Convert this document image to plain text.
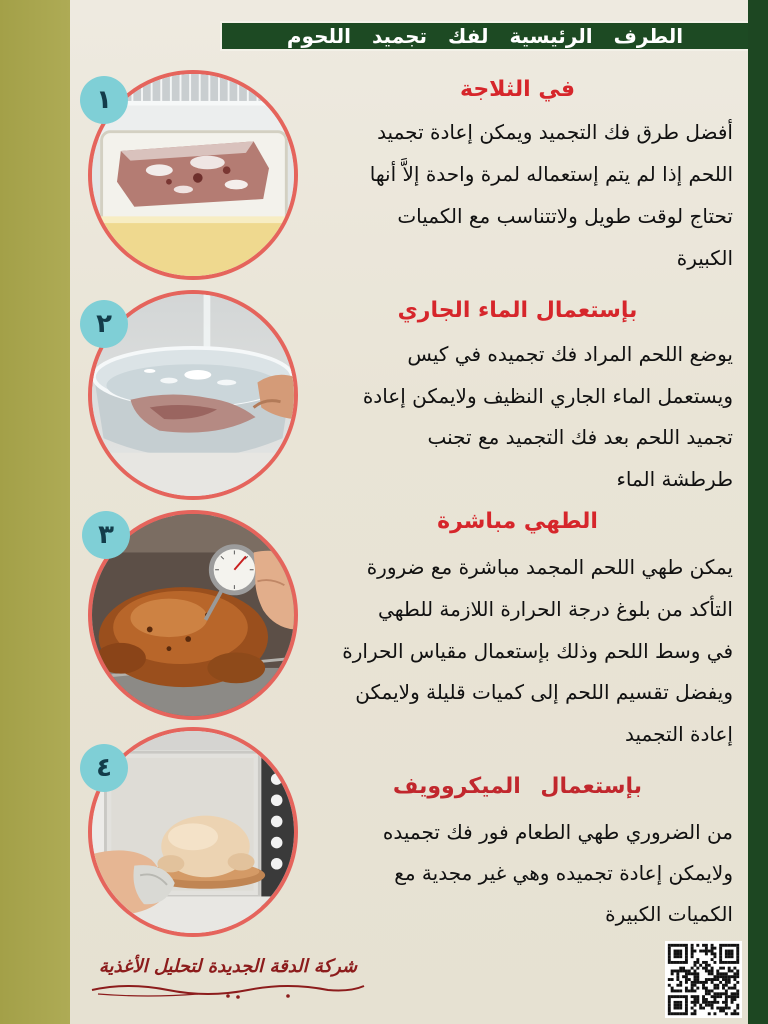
الطرف الرئيسية لفك تجميد اللحوم
١	في الثلاجة
أفضل طرق فك التجميد ويمكن إعادة تجميد
اللحم إذا لم يتم إستعماله لمرة واحدة إلاَّ أنها
تحتاج لوقت طويل ولاتتناسب مع الكميات
الكبيرة
٢	بإستعمال الماء الجاري
يوضع اللحم المراد فك تجميده في كيس
ويستعمل الماء الجاري النظيف ولايمكن إعادة
تجميد اللحم بعد فك التجميد مع تجنب
طرطشة الماء
٣	الطهي مباشرة
يمكن طهي اللحم المجمد مباشرة مع ضرورة
التأكد من بلوغ درجة الحرارة اللازمة للطهي
في وسط اللحم وذلك بإستعمال مقياس الحرارة
ويفضل تقسيم اللحم إلى كميات قليلة ولايمكن
إعادة التجميد
٤
بإستعمال الميكروويف
من الضروري طهي الطعام فور فك تجميده
ولايمكن إعادة تجميده وهي غير مجدية مع
الكميات الكبيرة
شركة الدقة الجديدة لتحليل الأغذية
